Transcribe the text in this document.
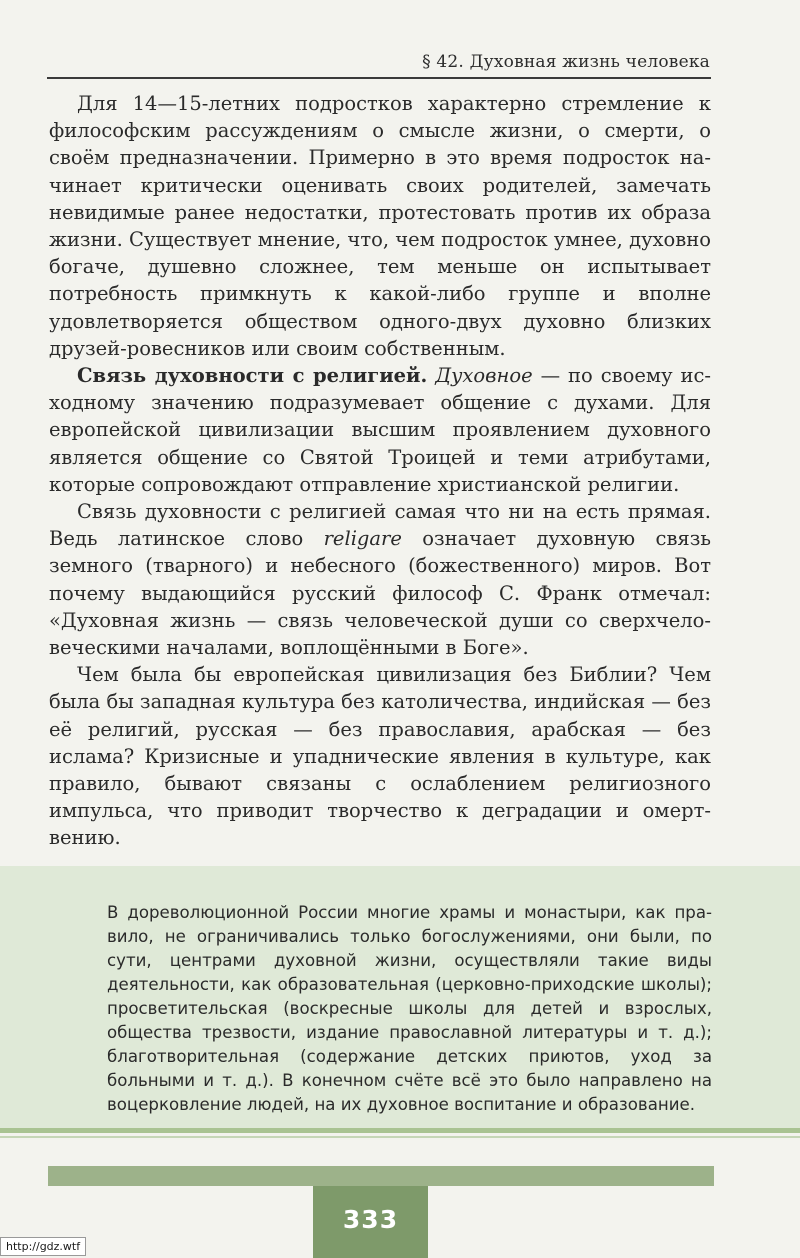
§ 42. Духовная жизнь человека

Для 14—15-летних подростков характерно стремление к философским рассуждениям о смысле жизни, о смерти, о своём предназначении. Примерно в это время подросток начинает критически оценивать своих родителей, замечать невидимые ранее недостатки, протестовать против их образа жизни. Существует мнение, что, чем подросток умнее, духовно богаче, душевно сложнее, тем меньше он испытывает потребность примкнуть к какой-либо группе и вполне удовлетворяется обществом одного-двух духовно близких друзей-ровесников или своим собственным.

Связь духовности с религией. Духовное — по своему исходному значению подразумевает общение с духами. Для европейской цивилизации высшим проявлением духовного является общение со Святой Троицей и теми атрибутами, которые сопровождают отправление христианской религии.

Связь духовности с религией самая что ни на есть прямая. Ведь латинское слово religare означает духовную связь земного (тварного) и небесного (божественного) миров. Вот почему выдающийся русский философ С. Франк отмечал: «Духовная жизнь — связь человеческой души со сверхчеловеческими началами, воплощёнными в Боге».

Чем была бы европейская цивилизация без Библии? Чем была бы западная культура без католичества, индийская — без её религий, русская — без православия, арабская — без ислама? Кризисные и упаднические явления в культуре, как правило, бывают связаны с ослаблением религиозного импульса, что приводит творчество к деградации и омертвению.

В дореволюционной России многие храмы и монастыри, как правило, не ограничивались только богослужениями, они были, по сути, центрами духовной жизни, осуществляли такие виды деятельности, как образовательная (церковно-приходские школы); просветительская (воскресные школы для детей и взрослых, общества трезвости, издание православной литературы и т. д.); благотворительная (содержание детских приютов, уход за больными и т. д.). В конечном счёте всё это было направлено на воцерковление людей, на их духовное воспитание и образование.

333
http://gdz.wtf
